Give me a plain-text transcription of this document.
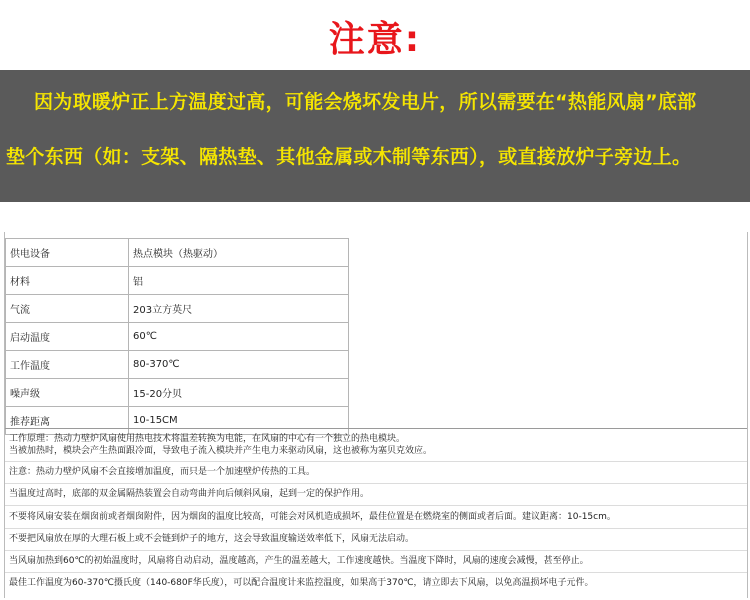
注意:
因为取暖炉正上方温度过高，可能会烧坏发电片，所以需要在“热能风扇”底部
垫个东西（如：支架、隔热垫、其他金属或木制等东西），或直接放炉子旁边上。
供电设备	热点模块（热驱动）
材料	铝
气流	203立方英尺
启动温度	60℃
工作温度	80-370℃
噪声级	15-20分贝
推荐距离	10-15CM
工作原理：热动力壁炉风扇使用热电技术将温差转换为电能，在风扇的中心有一个独立的热电模块。
当被加热时，模块会产生热面跟冷面，导致电子流入模块并产生电力来驱动风扇，这也被称为塞贝克效应。
注意：热动力壁炉风扇不会直接增加温度，而只是一个加速壁炉传热的工具。
当温度过高时，底部的双金属隔热装置会自动弯曲并向后倾斜风扇，起到一定的保护作用。
不要将风扇安装在烟囱前或者烟囱附件，因为烟囱的温度比较高，可能会对风机造成损坏，最佳位置是在燃烧室的侧面或者后面。建议距离：10-15cm。
不要把风扇放在厚的大理石板上或不会链到炉子的地方，这会导致温度输送效率低下，风扇无法启动。
当风扇加热到60℃的初始温度时，风扇将自动启动，温度越高，产生的温差越大，工作速度越快。当温度下降时，风扇的速度会减慢，甚至停止。
最佳工作温度为60-370℃摄氏度（140-680F华氏度），可以配合温度计来监控温度，如果高于370℃，请立即去下风扇，以免高温损坏电子元件。
